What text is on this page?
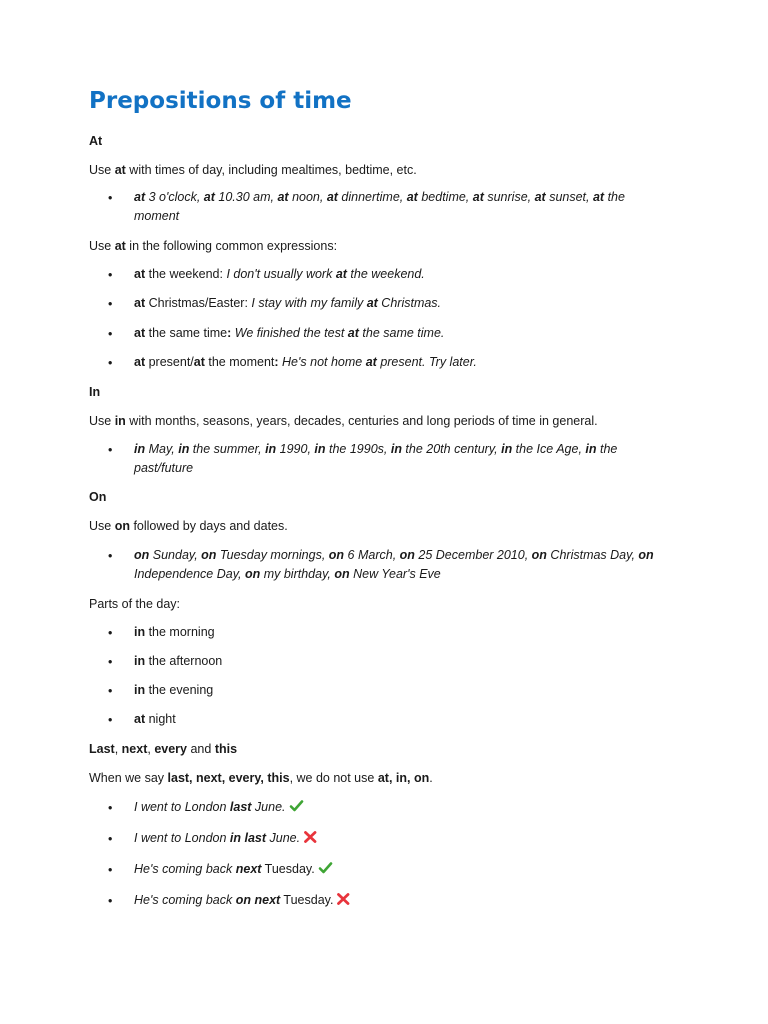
Prepositions of time
At
Use at with times of day, including mealtimes, bedtime, etc.
• at 3 o'clock, at 10.30 am, at noon, at dinnertime, at bedtime, at sunrise, at sunset, at the moment
Use at in the following common expressions:
• at the weekend: I don't usually work at the weekend.
• at Christmas/Easter: I stay with my family at Christmas.
• at the same time: We finished the test at the same time.
• at present/at the moment: He's not home at present. Try later.
In
Use in with months, seasons, years, decades, centuries and long periods of time in general.
• in May, in the summer, in 1990, in the 1990s, in the 20th century, in the Ice Age, in the past/future
On
Use on followed by days and dates.
• on Sunday, on Tuesday mornings, on 6 March, on 25 December 2010, on Christmas Day, on Independence Day, on my birthday, on New Year's Eve
Parts of the day:
• in the morning
• in the afternoon
• in the evening
• at night
Last, next, every and this
When we say last, next, every, this, we do not use at, in, on.
• I went to London last June.
• I went to London in last June.
• He's coming back next Tuesday.
• He's coming back on next Tuesday.
